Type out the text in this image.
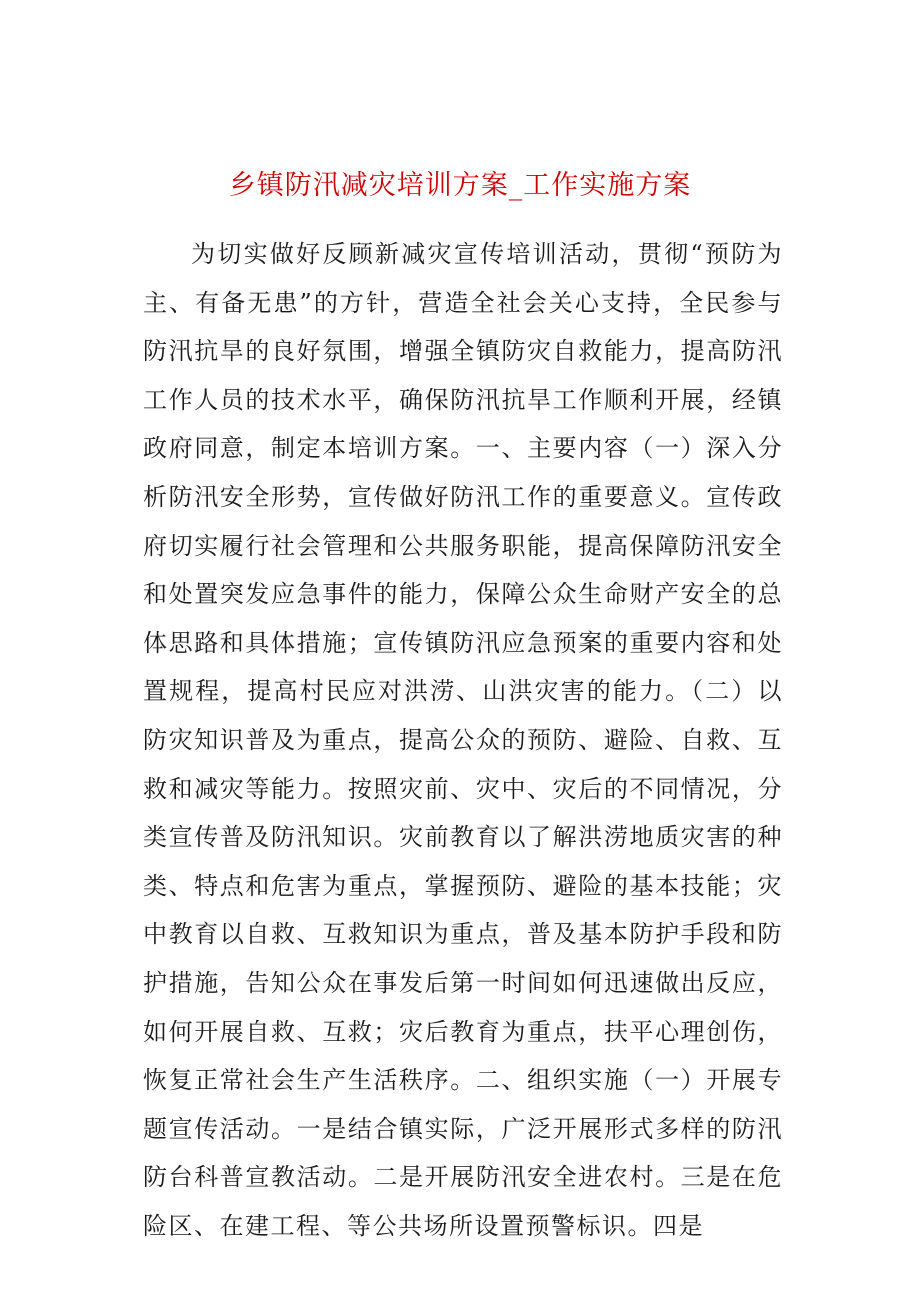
乡镇防汛减灾培训方案_工作实施方案

为切实做好反顾新减灾宣传培训活动，贯彻“预防为主、有备无患”的方针，营造全社会关心支持，全民参与防汛抗旱的良好氛围，增强全镇防灾自救能力，提高防汛工作人员的技术水平，确保防汛抗旱工作顺利开展，经镇政府同意，制定本培训方案。一、主要内容（一）深入分析防汛安全形势，宣传做好防汛工作的重要意义。宣传政府切实履行社会管理和公共服务职能，提高保障防汛安全和处置突发应急事件的能力，保障公众生命财产安全的总体思路和具体措施；宣传镇防汛应急预案的重要内容和处置规程，提高村民应对洪涝、山洪灾害的能力。（二）以防灾知识普及为重点，提高公众的预防、避险、自救、互救和减灾等能力。按照灾前、灾中、灾后的不同情况，分类宣传普及防汛知识。灾前教育以了解洪涝地质灾害的种类、特点和危害为重点，掌握预防、避险的基本技能；灾中教育以自救、互救知识为重点，普及基本防护手段和防护措施，告知公众在事发后第一时间如何迅速做出反应，如何开展自救、互救；灾后教育为重点，扶平心理创伤，恢复正常社会生产生活秩序。二、组织实施（一）开展专题宣传活动。一是结合镇实际，广泛开展形式多样的防汛防台科普宣教活动。二是开展防汛安全进农村。三是在危险区、在建工程、等公共场所设置预警标识。四是
